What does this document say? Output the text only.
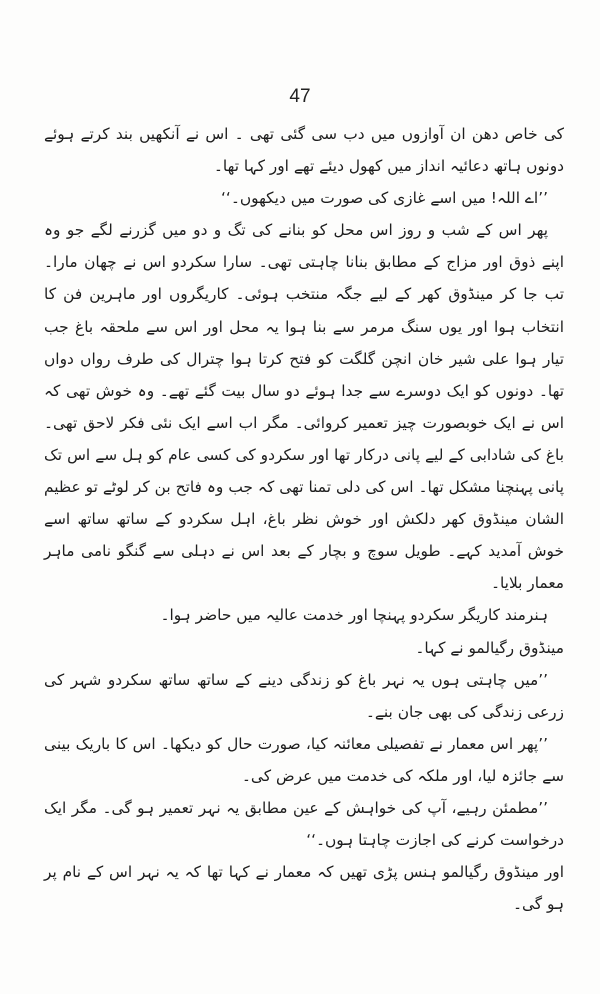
47

کی خاص دھن ان آوازوں میں دب سی گئی تھی ۔ اس نے آنکھیں بند کرتے ہوئے دونوں ہاتھ دعائیہ انداز میں کھول دیئے تھے اور کہا تھا۔

’’اے اللہ! میں اسے غازی کی صورت میں دیکھوں۔‘‘

پھر اس کے شب و روز اس محل کو بنانے کی تگ و دو میں گزرنے لگے جو وہ اپنے ذوق اور مزاج کے مطابق بنانا چاہتی تھی۔ سارا سکردو اس نے چھان مارا۔ تب جا کر مینڈوق کھر کے لیے جگہ منتخب ہوئی۔ کاریگروں اور ماہرین فن کا انتخاب ہوا اور یوں سنگ مرمر سے بنا ہوا یہ محل اور اس سے ملحقہ باغ جب تیار ہوا علی شیر خان انچن گلگت کو فتح کرتا ہوا چترال کی طرف رواں دواں تھا۔ دونوں کو ایک دوسرے سے جدا ہوئے دو سال بیت گئے تھے۔ وہ خوش تھی کہ اس نے ایک خوبصورت چیز تعمیر کروائی۔ مگر اب اسے ایک نئی فکر لاحق تھی۔ باغ کی شادابی کے لیے پانی درکار تھا اور سکردو کی کسی عام کو ہل سے اس تک پانی پہنچنا مشکل تھا۔ اس کی دلی تمنا تھی کہ جب وہ فاتح بن کر لوٹے تو عظیم الشان مینڈوق کھر دلکش اور خوش نظر باغ، اہل سکردو کے ساتھ ساتھ اسے خوش آمدید کہے۔ طویل سوچ و بچار کے بعد اس نے دہلی سے گنگو نامی ماہر معمار بلایا۔

ہنرمند کاریگر سکردو پہنچا اور خدمت عالیہ میں حاضر ہوا۔

مینڈوق رگیالمو نے کہا۔

’’میں چاہتی ہوں یہ نہر باغ کو زندگی دینے کے ساتھ ساتھ سکردو شہر کی زرعی زندگی کی بھی جان بنے۔

’’پھر اس معمار نے تفصیلی معائنہ کیا، صورت حال کو دیکھا۔ اس کا باریک بینی سے جائزہ لیا، اور ملکہ کی خدمت میں عرض کی۔

’’مطمئن رہیے، آپ کی خواہش کے عین مطابق یہ نہر تعمیر ہو گی۔ مگر ایک درخواست کرنے کی اجازت چاہتا ہوں۔‘‘

اور مینڈوق رگیالمو ہنس پڑی تھیں کہ معمار نے کہا تھا کہ یہ نہر اس کے نام پر ہو گی۔
